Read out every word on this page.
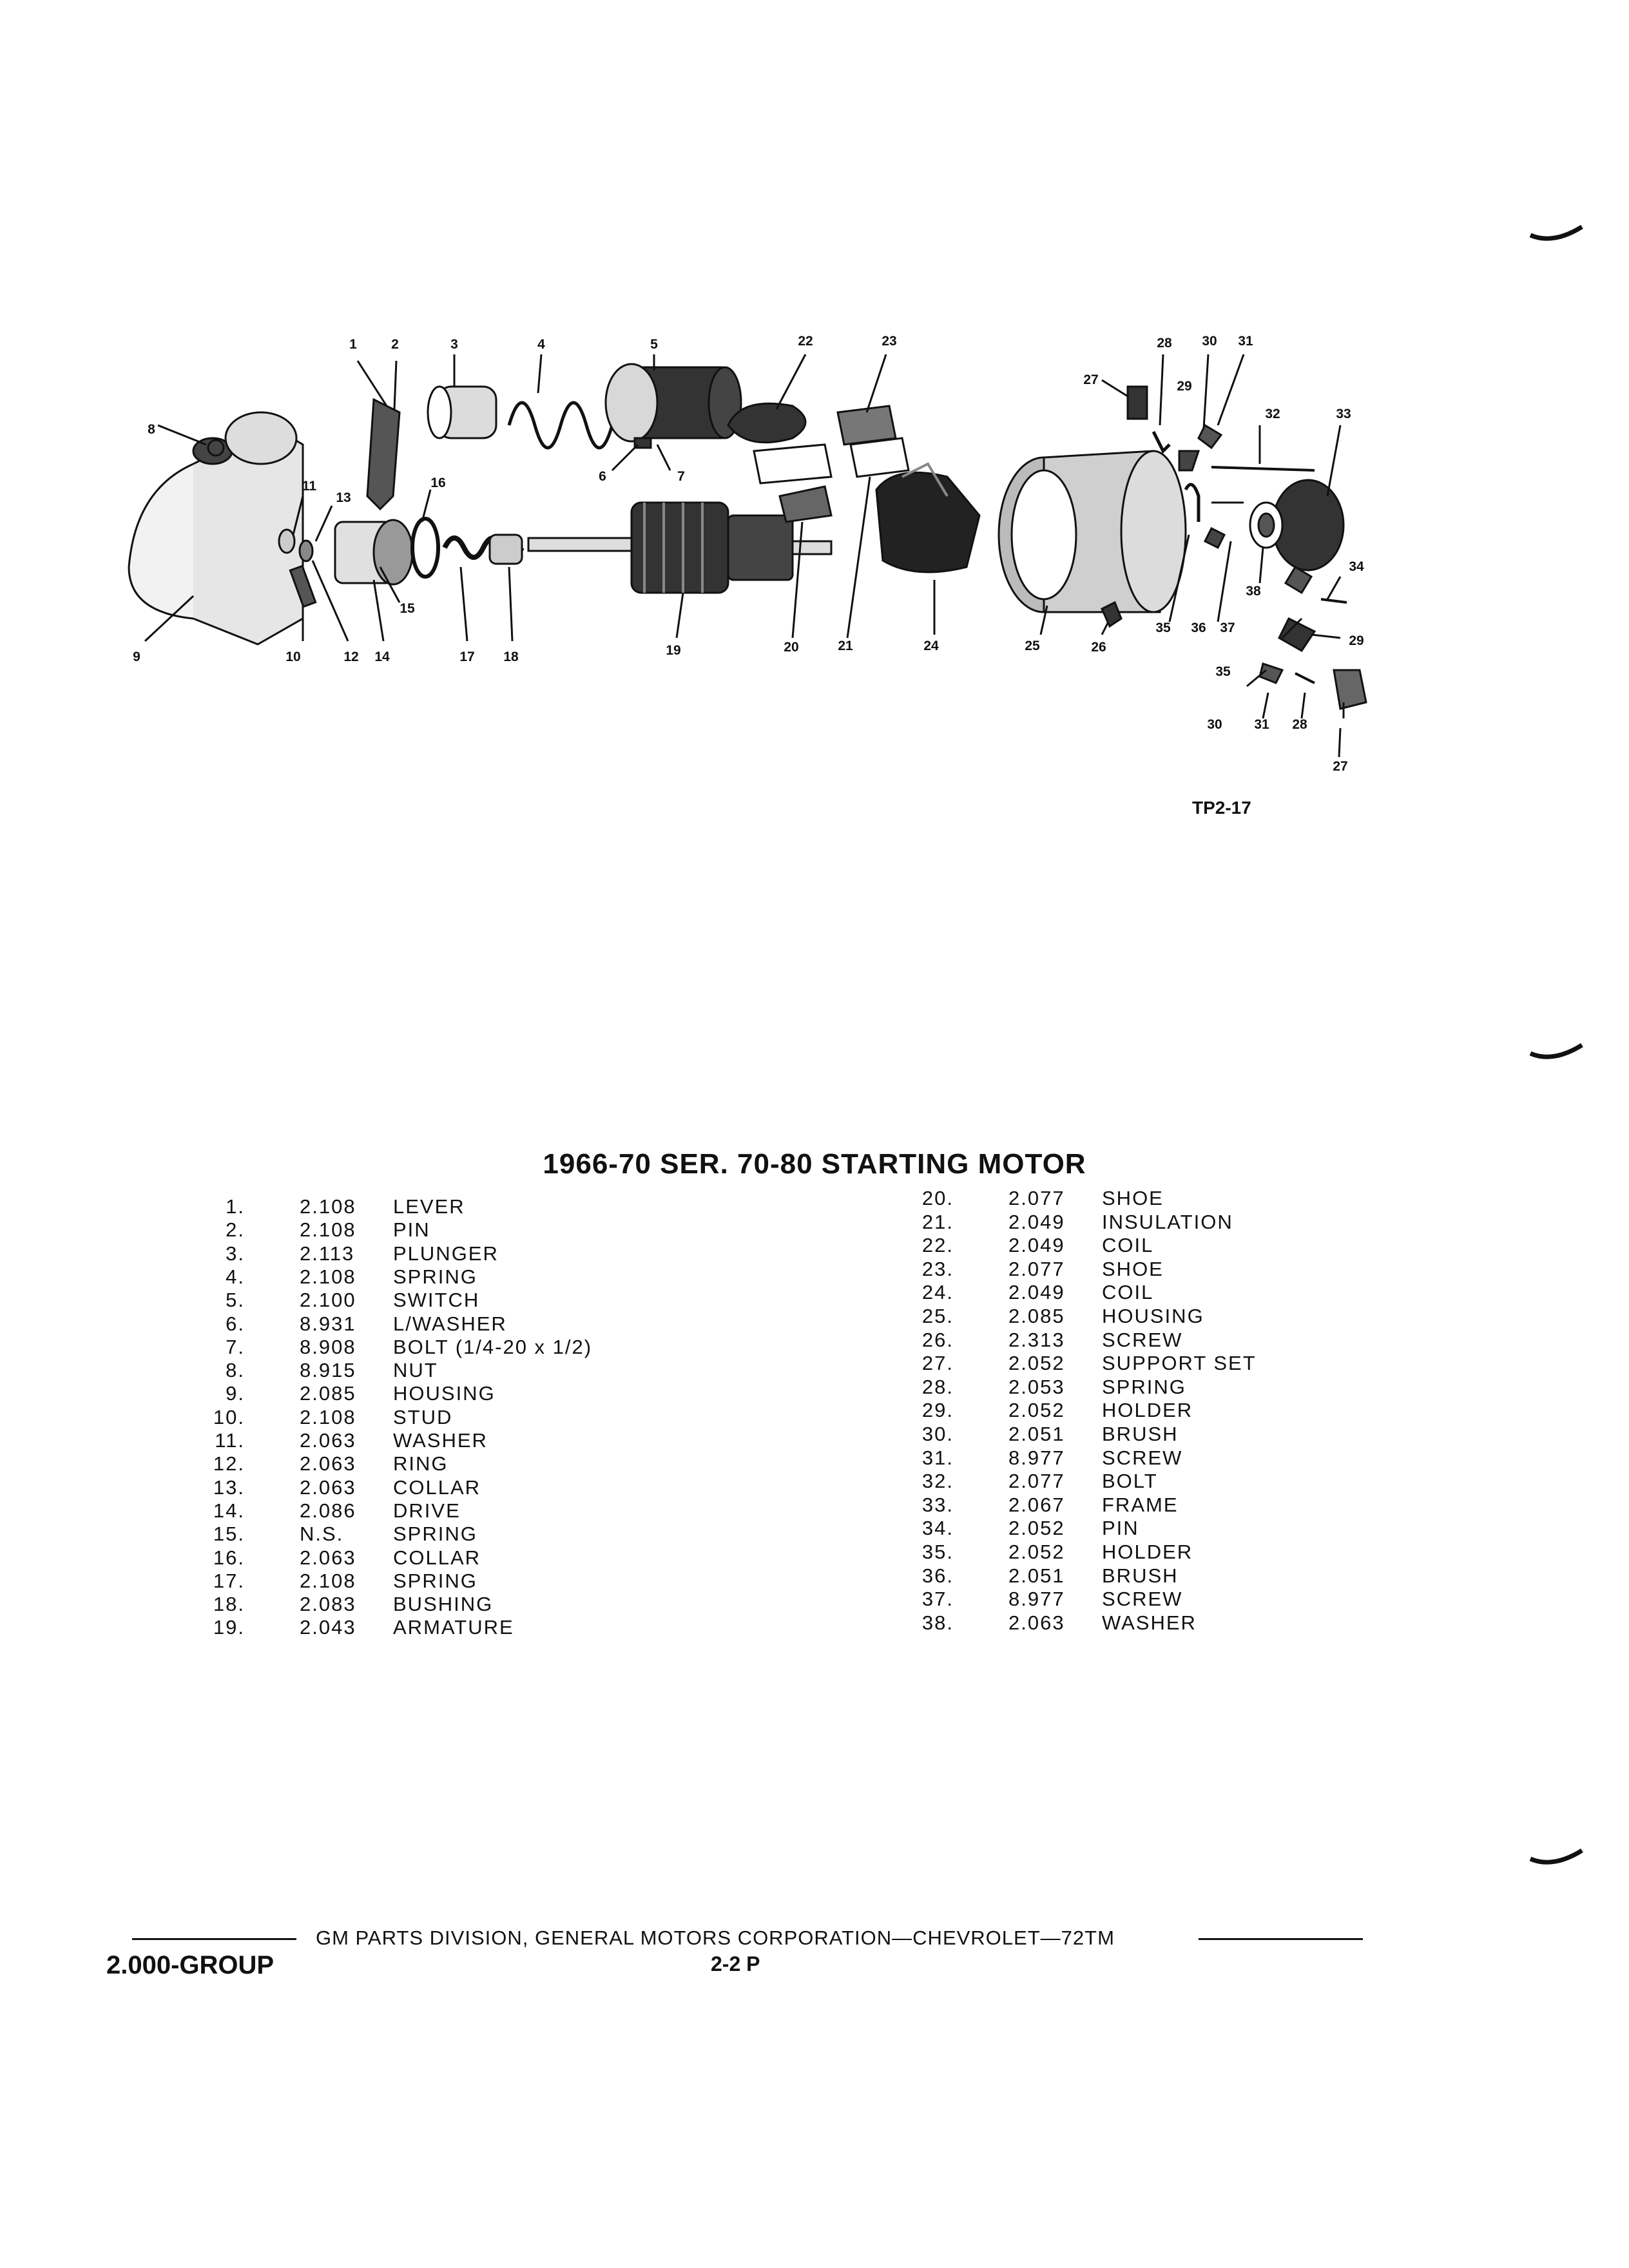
1	2	3	4	5	22	23	28 30 31
27	29
32	33
8
16
11
13
6	7
15
34
38
35 36 37
29
35
30 31 28
27
9	10	12 14	17 18	19	20	21	24	25	26
TP2-17
1966-70 SER. 70-80 STARTING MOTOR
1.	2.108 LEVER
2.	2.108 PIN
3.	2.113 PLUNGER
4.	2.108 SPRING
5.	2.100 SWITCH
6.	8.931 L/WASHER
7.	8.908 BOLT (1/4-20 x 1/2)
8.	8.915 NUT
9.	2.085 HOUSING
10.	2.108 STUD
11.	2.063 WASHER
12.	2.063 RING
13.	2.063 COLLAR
14.	2.086 DRIVE
15.	N.S. SPRING
16.	2.063 COLLAR
17.	2.108 SPRING
18.	2.083 BUSHING
19.	2.043 ARMATURE
20.	2.077 SHOE
21.	2.049 INSULATION
22.	2.049 COIL
23.	2.077 SHOE
24.	2.049 COIL
25.	2.085 HOUSING
26.	2.313 SCREW
27.	2.052 SUPPORT SET
28.	2.053 SPRING
29.	2.052 HOLDER
30.	2.051 BRUSH
31.	8.977 SCREW
32.	2.077 BOLT
33.	2.067 FRAME
34.	2.052 PIN
35.	2.052 HOLDER
36.	2.051 BRUSH
37.	8.977 SCREW
38.	2.063 WASHER
GM PARTS DIVISION, GENERAL MOTORS CORPORATION—CHEVROLET—72TM
2.000-GROUP	2-2 P
